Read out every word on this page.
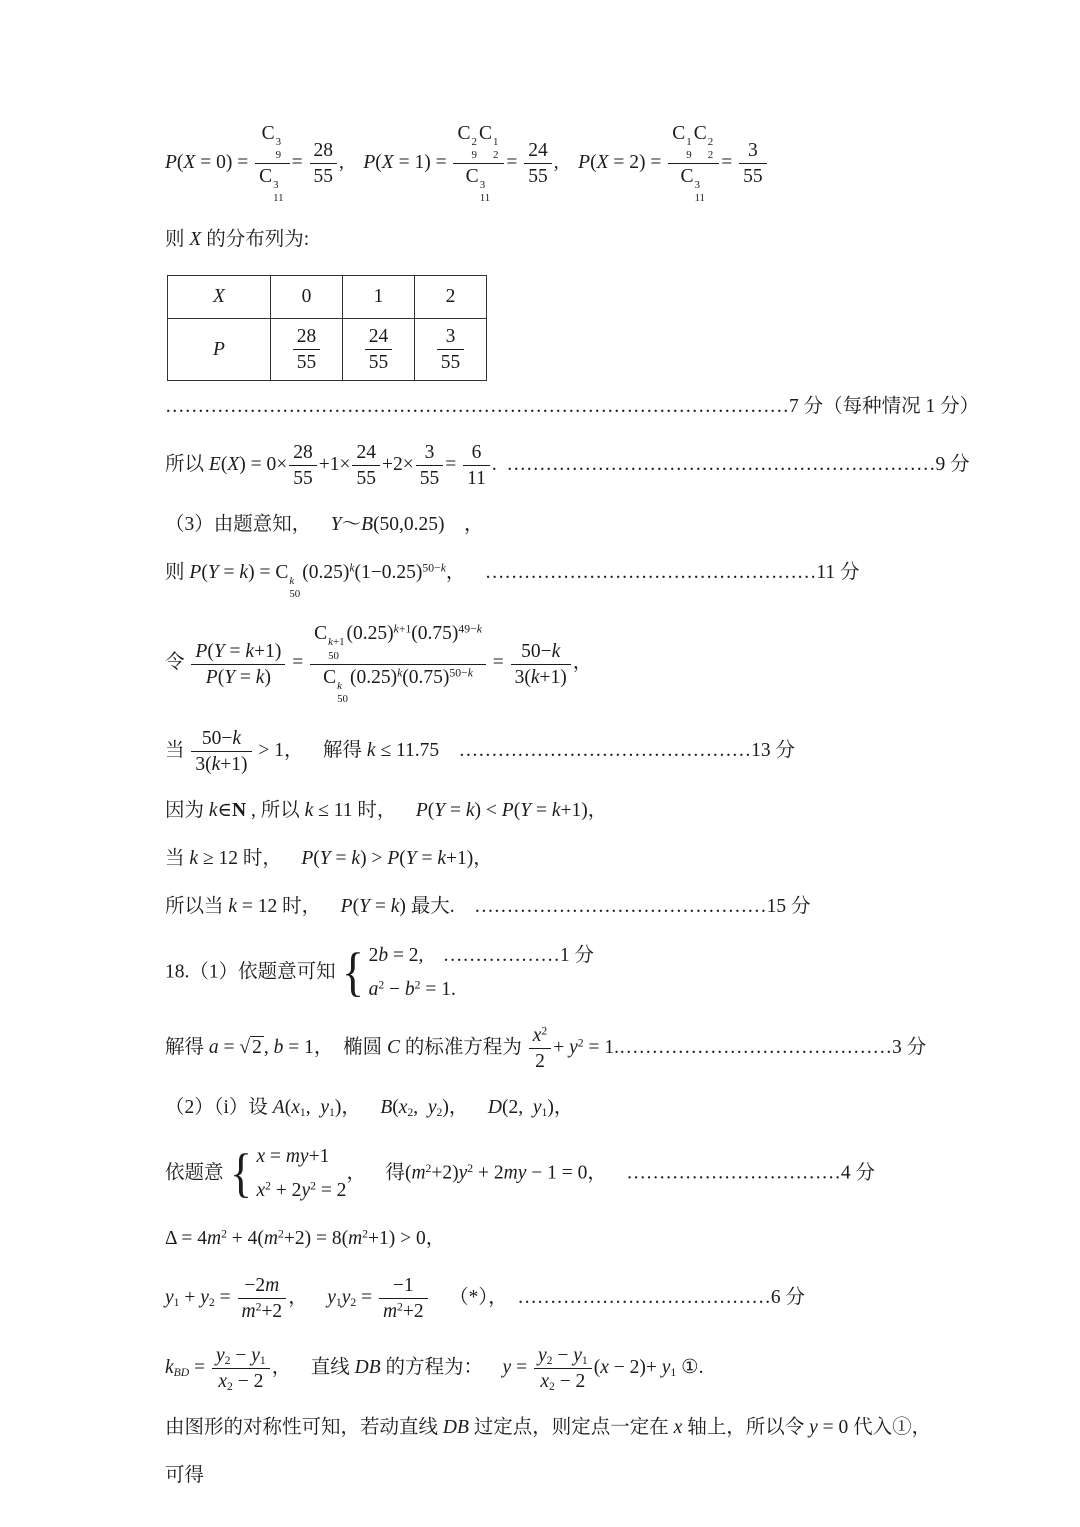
P(X = 0) = C 3
9
C 3
$11 = \frac{28}{55}$ , P(X = 1) = C 2
9
C 1
2
C 3
$11 = \frac{24}{55}$ , P(X = 2) = C 1
9
C 2
2
C 3
$11 = \frac{3}{55}$
则 X 的分布列为:
X	0	1	2
P	$\frac{28}{55}$	$\frac{24}{55}$	$\frac{3}{55}$
……………………………………………………………………………………7 分（每种情况 1 分）
所以 $E(X) = 0\times \frac{28}{55} +1\times \frac{24}{55} +2\times \frac{3}{55} = \frac{6}{11}$ . …………………………………………………………9 分
（3）由题意知， Y～B(50,0.25) ，
则 P(Y = k) = C k
50
$(0.25)^k(1-0.25)^{50-k}$， ……………………………………………11 分
令 $\frac{P(Y = k+1)}{P(Y = k)} = C$ k+1
50
$(0.25)^{k+1}(0.75)^{49-k}$
C k
50
$(0.25)^k(0.75)^{50-k} = \frac{50-k}{3(k+1)}$ ，
当 $\frac{50-k}{3(k+1)} > 1$， 解得 k ≤ 11.75 ………………………………………13 分
因为 k∈N , 所以 k ≤ 11 时， P(Y = k) < P(Y = k+1)，
当 k ≥ 12 时， P(Y = k) > P(Y = k+1)，
所以当 k = 12 时， P(Y = k) 最大. ………………………………………15 分
18.（1）依题意可知 { 2b = 2, ………………1 分
$a^2 - b^2 = 1$.
解得 a = √ 2 , b = 1， 椭圆 C 的标准方程为 $\frac{x^2}{2} + y^2$ = 1.……………………………………3 分
（2）（i）设 $A(x_1$, $y_1$)， $B(x_2$, $y_2$)， D(2, $y_1$)，
依题意 { x = my+1
$x^2 + 2y^2 = 2$
， 得$(m^2+2)y^2 + 2my - 1 = 0$， ……………………………4 分
$\Delta = 4m^2 + 4(m^2+2) = 8(m^2+1) > 0$，
$y_1 + y_2 = \frac{-2m}{m^2+2}$ ， $y_1y_2 = \frac{-1}{m^2+2}$  （*）， …………………………………6 分
$k_{BD} = \frac{y_2 - y_1}{x_2 - 2}$ ， 直线 DB 的方程为： $y = \frac{y_2 - y_1}{x_2 - 2} (x - 2)+ y_1$ ①.
由图形的对称性可知，若动直线 DB 过定点，则定点一定在 x 轴上，所以令 y = 0 代入①，
可得
